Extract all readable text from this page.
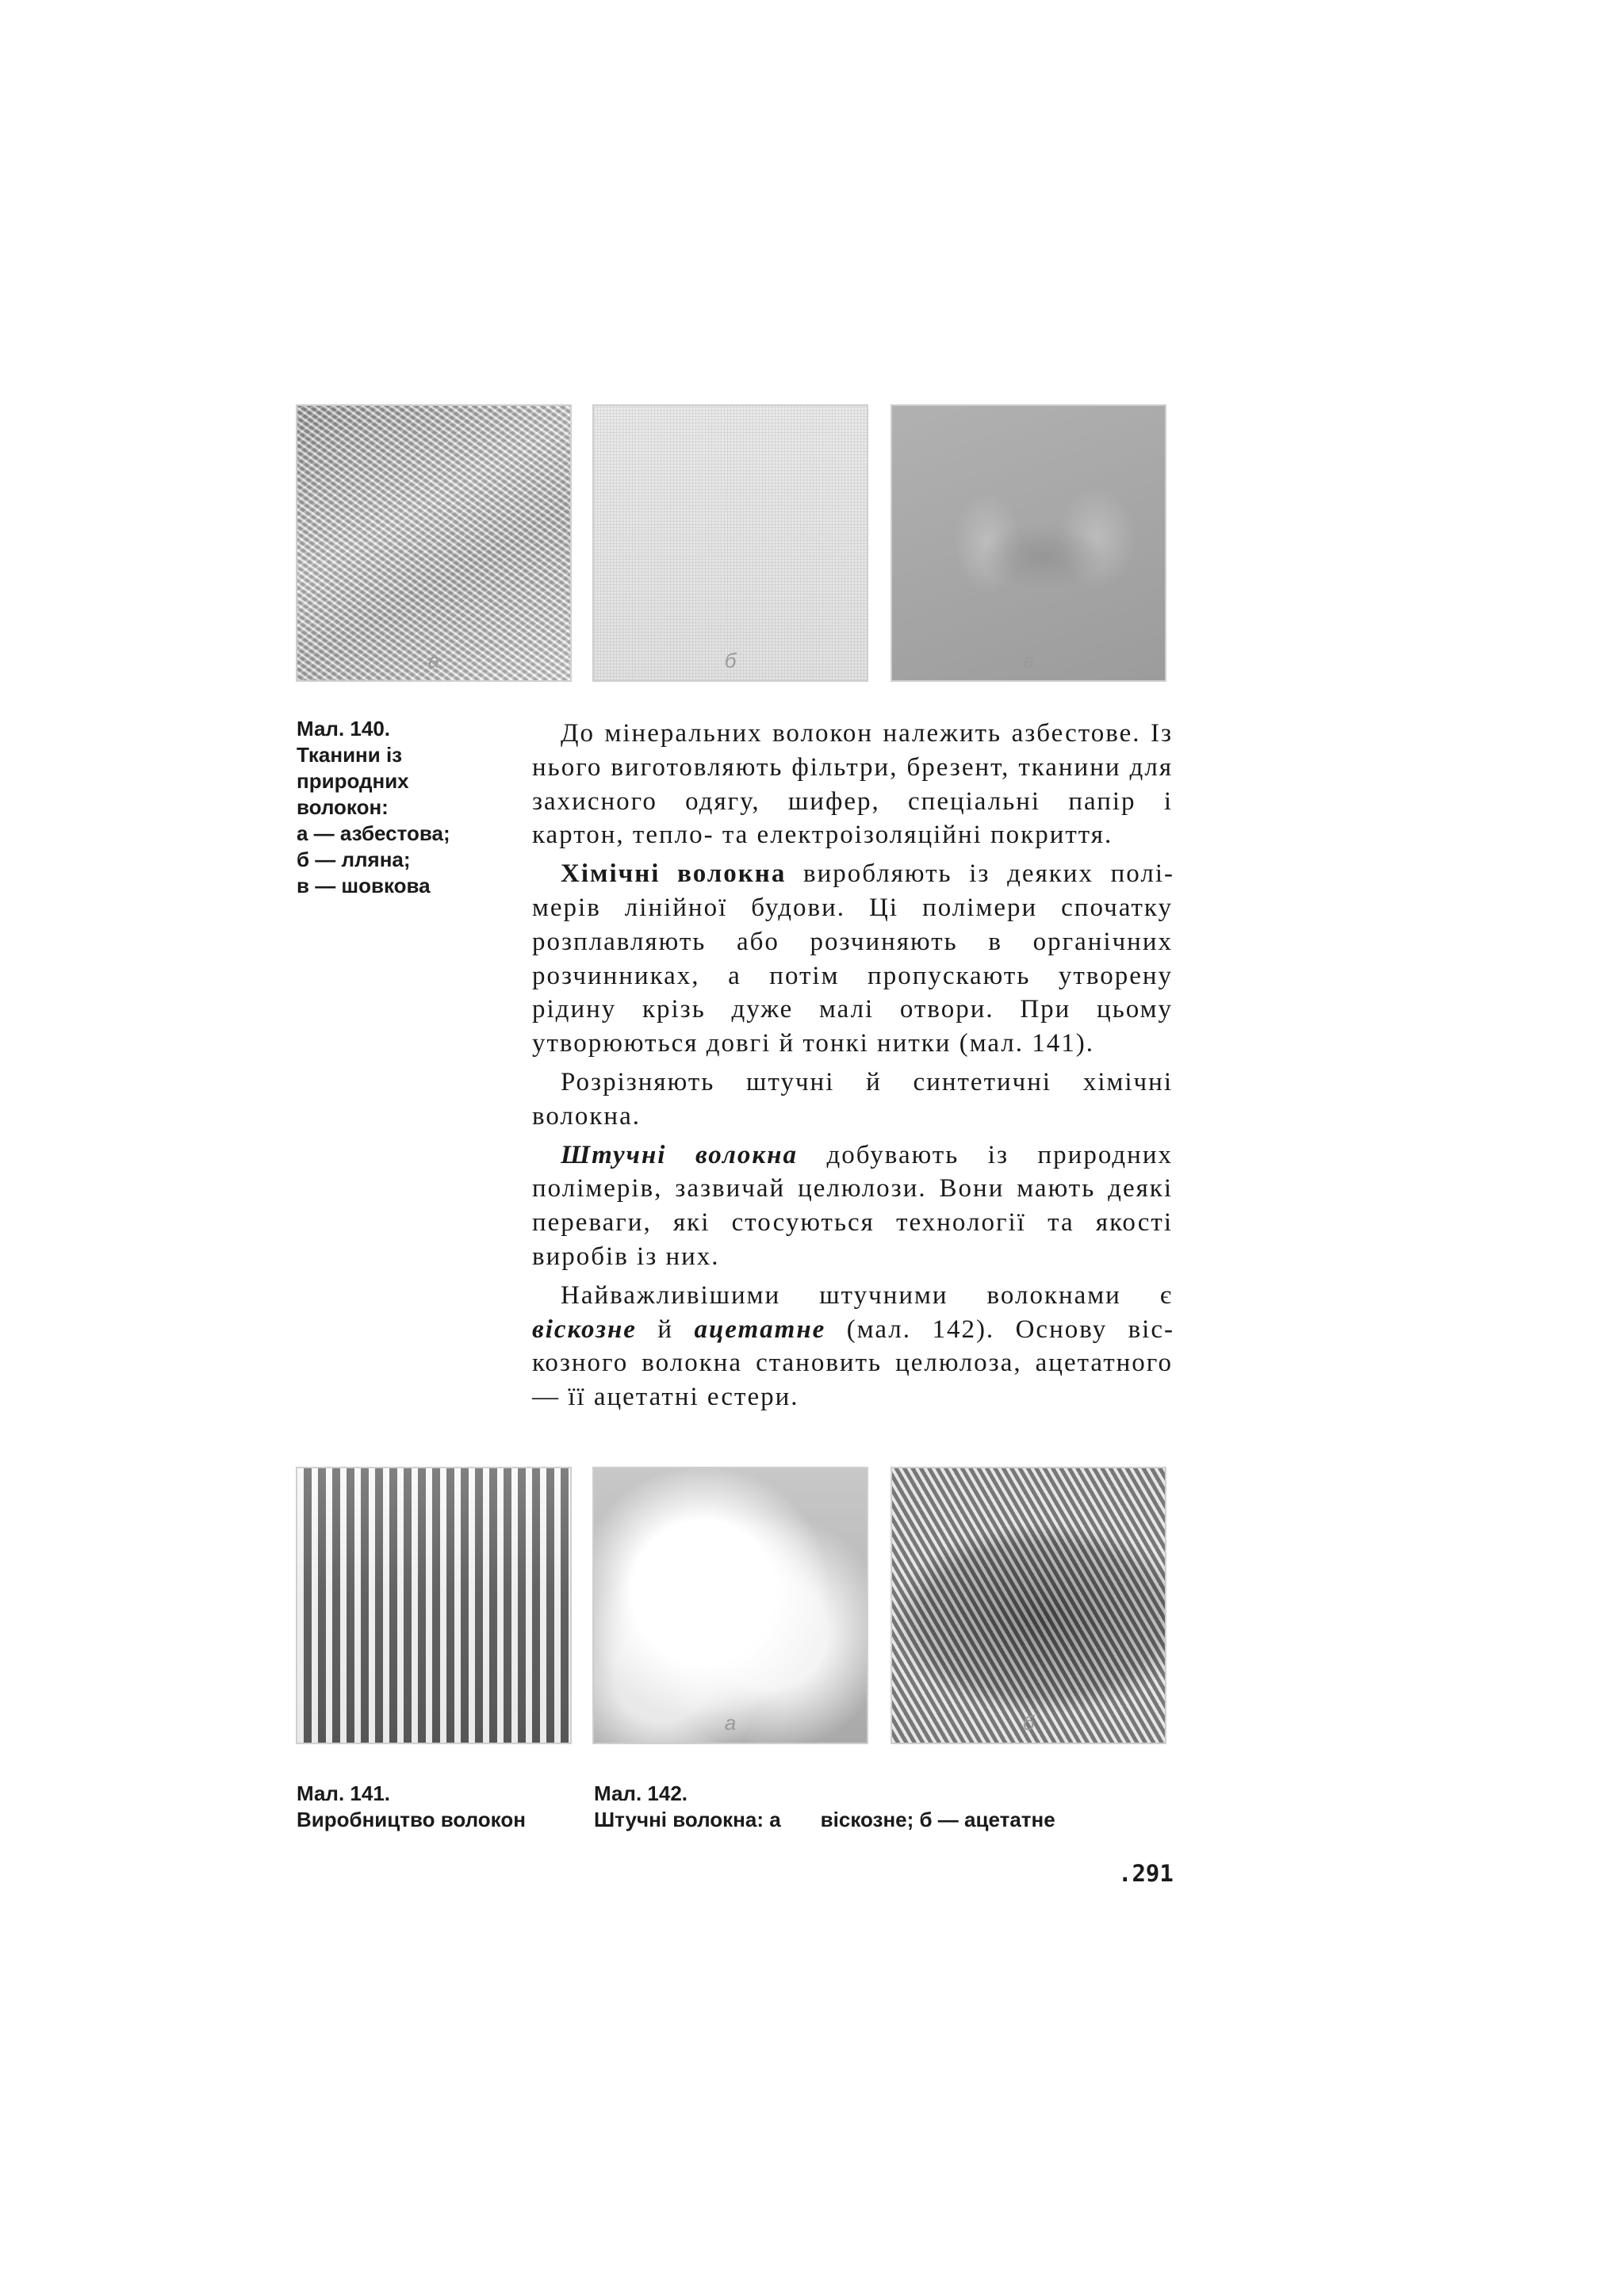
а	б	в
Мал. 140.
Тканини із
природних
волокон:
а — азбестова;
б — лляна;
в — шовкова

До мінеральних волокон належить азбестове. Із нього виготовляють фільтри, брезент, тканини для захисного одягу, шифер, спеціальні папір і картон, тепло- та електроізоляційні покриття.

Хімічні волокна виробляють із деяких полімерів лінійної будови. Ці полімери спочатку розплавляють або розчиняють в органічних розчинниках, а потім пропускають утворену рідину крізь дуже малі отвори. При цьому утворюються довгі й тонкі нитки (мал. 141).

Розрізняють штучні й синтетичні хімічні волокна.

Штучні волокна добувають із природних полімерів, зазвичай целюлози. Вони мають деякі переваги, які стосуються технології та якості виробів із них.

Найважливішими штучними волокнами є віскозне й ацетатне (мал. 142). Основу віскозного волокна становить целюлоза, ацетатного — її ацетатні естери.

а	б
Мал. 141.
Виробництво волокон
Мал. 142.
Штучні волокна: а віскозне; б — ацетатне
.291
